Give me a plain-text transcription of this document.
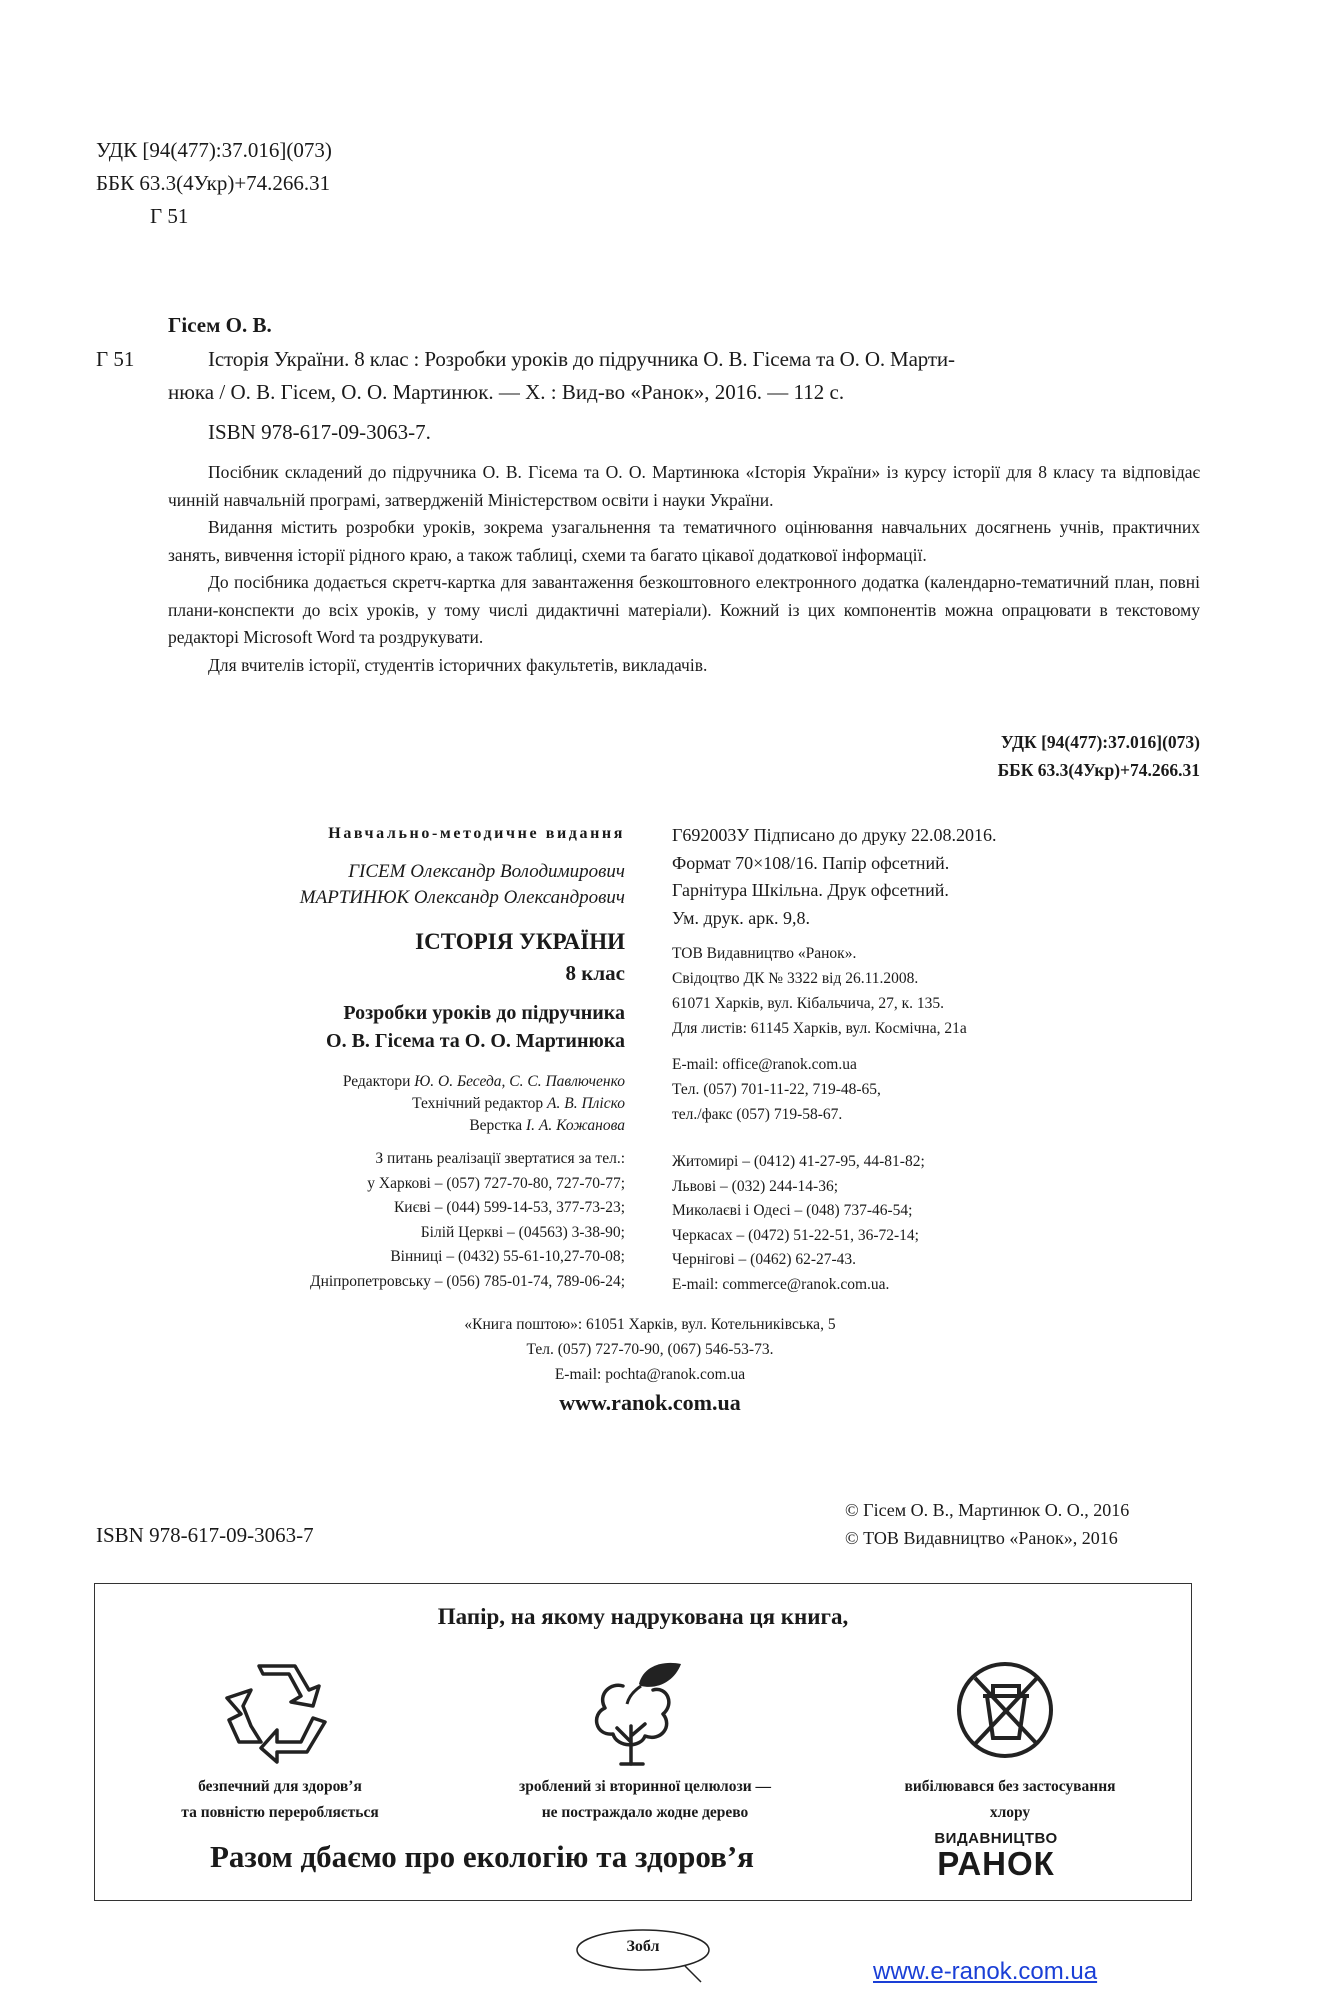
УДК [94(477):37.016](073)
ББК 63.3(4Укр)+74.266.31
Г 51
Гісем О. В.
Г 51	Історія України. 8 клас : Розробки уроків до підручника О. В. Гісема та О. О. Марти-
нюка / О. В. Гісем, О. О. Мартинюк. — Х. : Вид-во «Ранок», 2016. — 112 с.
ISBN 978-617-09-3063-7.
Посібник складений до підручника О. В. Гісема та О. О. Мартинюка «Історія України» із курсу історії для 8 класу та відповідає чинній навчальній програмі, затвердженій Міністерством освіти і науки України.
Видання містить розробки уроків, зокрема узагальнення та тематичного оцінювання навчальних досягнень учнів, практичних занять, вивчення історії рідного краю, а також таблиці, схеми та багато цікавої додаткової інформації.
До посібника додається скретч-картка для завантаження безкоштовного електронного додатка (календарно-тематичний план, повні плани-конспекти до всіх уроків, у тому числі дидактичні матеріали). Кожний із цих компонентів можна опрацювати в текстовому редакторі Microsoft Word та роздрукувати.
Для вчителів історії, студентів історичних факультетів, викладачів.
УДК [94(477):37.016](073)
ББК 63.3(4Укр)+74.266.31
Навчально-методичне видання
ГІСЕМ Олександр Володимирович
МАРТИНЮК Олександр Олександрович
ІСТОРІЯ УКРАЇНИ
8 клас
Розробки уроків до підручника
О. В. Гісема та О. О. Мартинюка
Редактори Ю. О. Беседа, С. С. Павлюченко
Технічний редактор А. В. Пліско
Верстка І. А. Кожанова
З питань реалізації звертатися за тел.:
у Харкові – (057) 727-70-80, 727-70-77;
Києві – (044) 599-14-53, 377-73-23;
Білій Церкві – (04563) 3-38-90;
Вінниці – (0432) 55-61-10,27-70-08;
Дніпропетровську – (056) 785-01-74, 789-06-24;
Г692003У Підписано до друку 22.08.2016.
Формат 70×108/16. Папір офсетний.
Гарнітура Шкільна. Друк офсетний.
Ум. друк. арк. 9,8.
ТОВ Видавництво «Ранок».
Свідоцтво ДК № 3322 від 26.11.2008.
61071 Харків, вул. Кібальчича, 27, к. 135.
Для листів: 61145 Харків, вул. Космічна, 21а
E-mail: office@ranok.com.ua
Тел. (057) 701-11-22, 719-48-65,
тел./факс (057) 719-58-67.
Житомирі – (0412) 41-27-95, 44-81-82;
Львові – (032) 244-14-36;
Миколаєві і Одесі – (048) 737-46-54;
Черкасах – (0472) 51-22-51, 36-72-14;
Чернігові – (0462) 62-27-43.
E-mail: commerce@ranok.com.ua.
«Книга поштою»: 61051 Харків, вул. Котельниківська, 5
Тел. (057) 727-70-90, (067) 546-53-73.
E-mail: pochta@ranok.com.ua
www.ranok.com.ua
ISBN 978-617-09-3063-7
© Гісем О. В., Мартинюк О. О., 2016
© ТОВ Видавництво «Ранок», 2016
Папір, на якому надрукована ця книга,
безпечний для здоров’я
та повністю переробляється
зроблений зі вторинної целюлози —
не постраждало жодне дерево
вибілювався без застосування
хлору
Разом дбаємо про екологію та здоров’я
ВИДАВНИЦТВО
РАНОК
Зобл
www.e-ranok.com.ua
